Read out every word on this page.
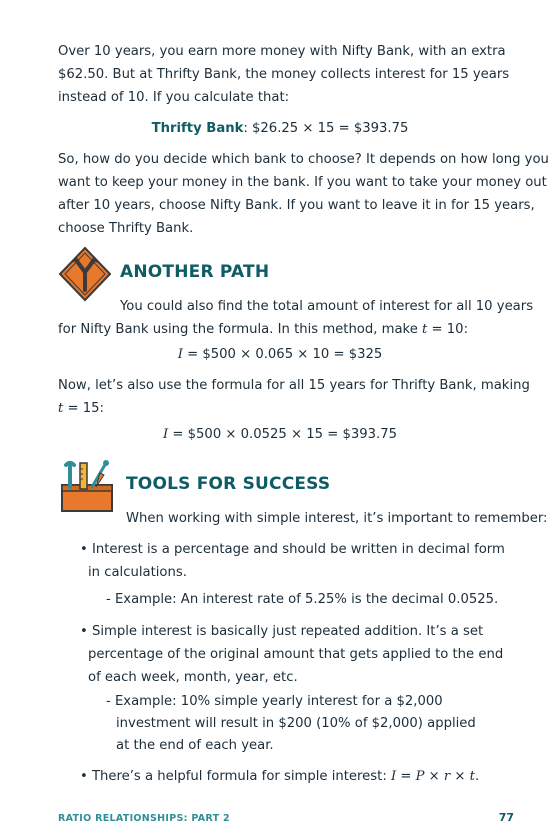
Over 10 years, you earn more money with Nifty Bank, with an extra

$62.50. But at Thrifty Bank, the money collects interest for 15 years

instead of 10. If you calculate that:

Thrifty Bank: $26.25 × 15 = $393.75

So, how do you decide which bank to choose? It depends on how long you

want to keep your money in the bank. If you want to take your money out

after 10 years, choose Nifty Bank. If you want to leave it in for 15 years,

choose Thrifty Bank.

ANOTHER PATH

You could also find the total amount of interest for all 10 years

for Nifty Bank using the formula. In this method, make t = 10:

I = $500 × 0.065 × 10 = $325

Now, let’s also use the formula for all 15 years for Thrifty Bank, making

t = 15:

I = $500 × 0.0525 × 15 = $393.75

TOOLS FOR SUCCESS

When working with simple interest, it’s important to remember:

• Interest is a percentage and should be written in decimal form

in calculations.

- Example: An interest rate of 5.25% is the decimal 0.0525.

• Simple interest is basically just repeated addition. It’s a set

percentage of the original amount that gets applied to the end

of each week, month, year, etc.

- Example: 10% simple yearly interest for a $2,000

investment will result in $200 (10% of $2,000) applied

at the end of each year.

• There’s a helpful formula for simple interest: I = P × r × t.

RATIO RELATIONSHIPS: PART 2	77
